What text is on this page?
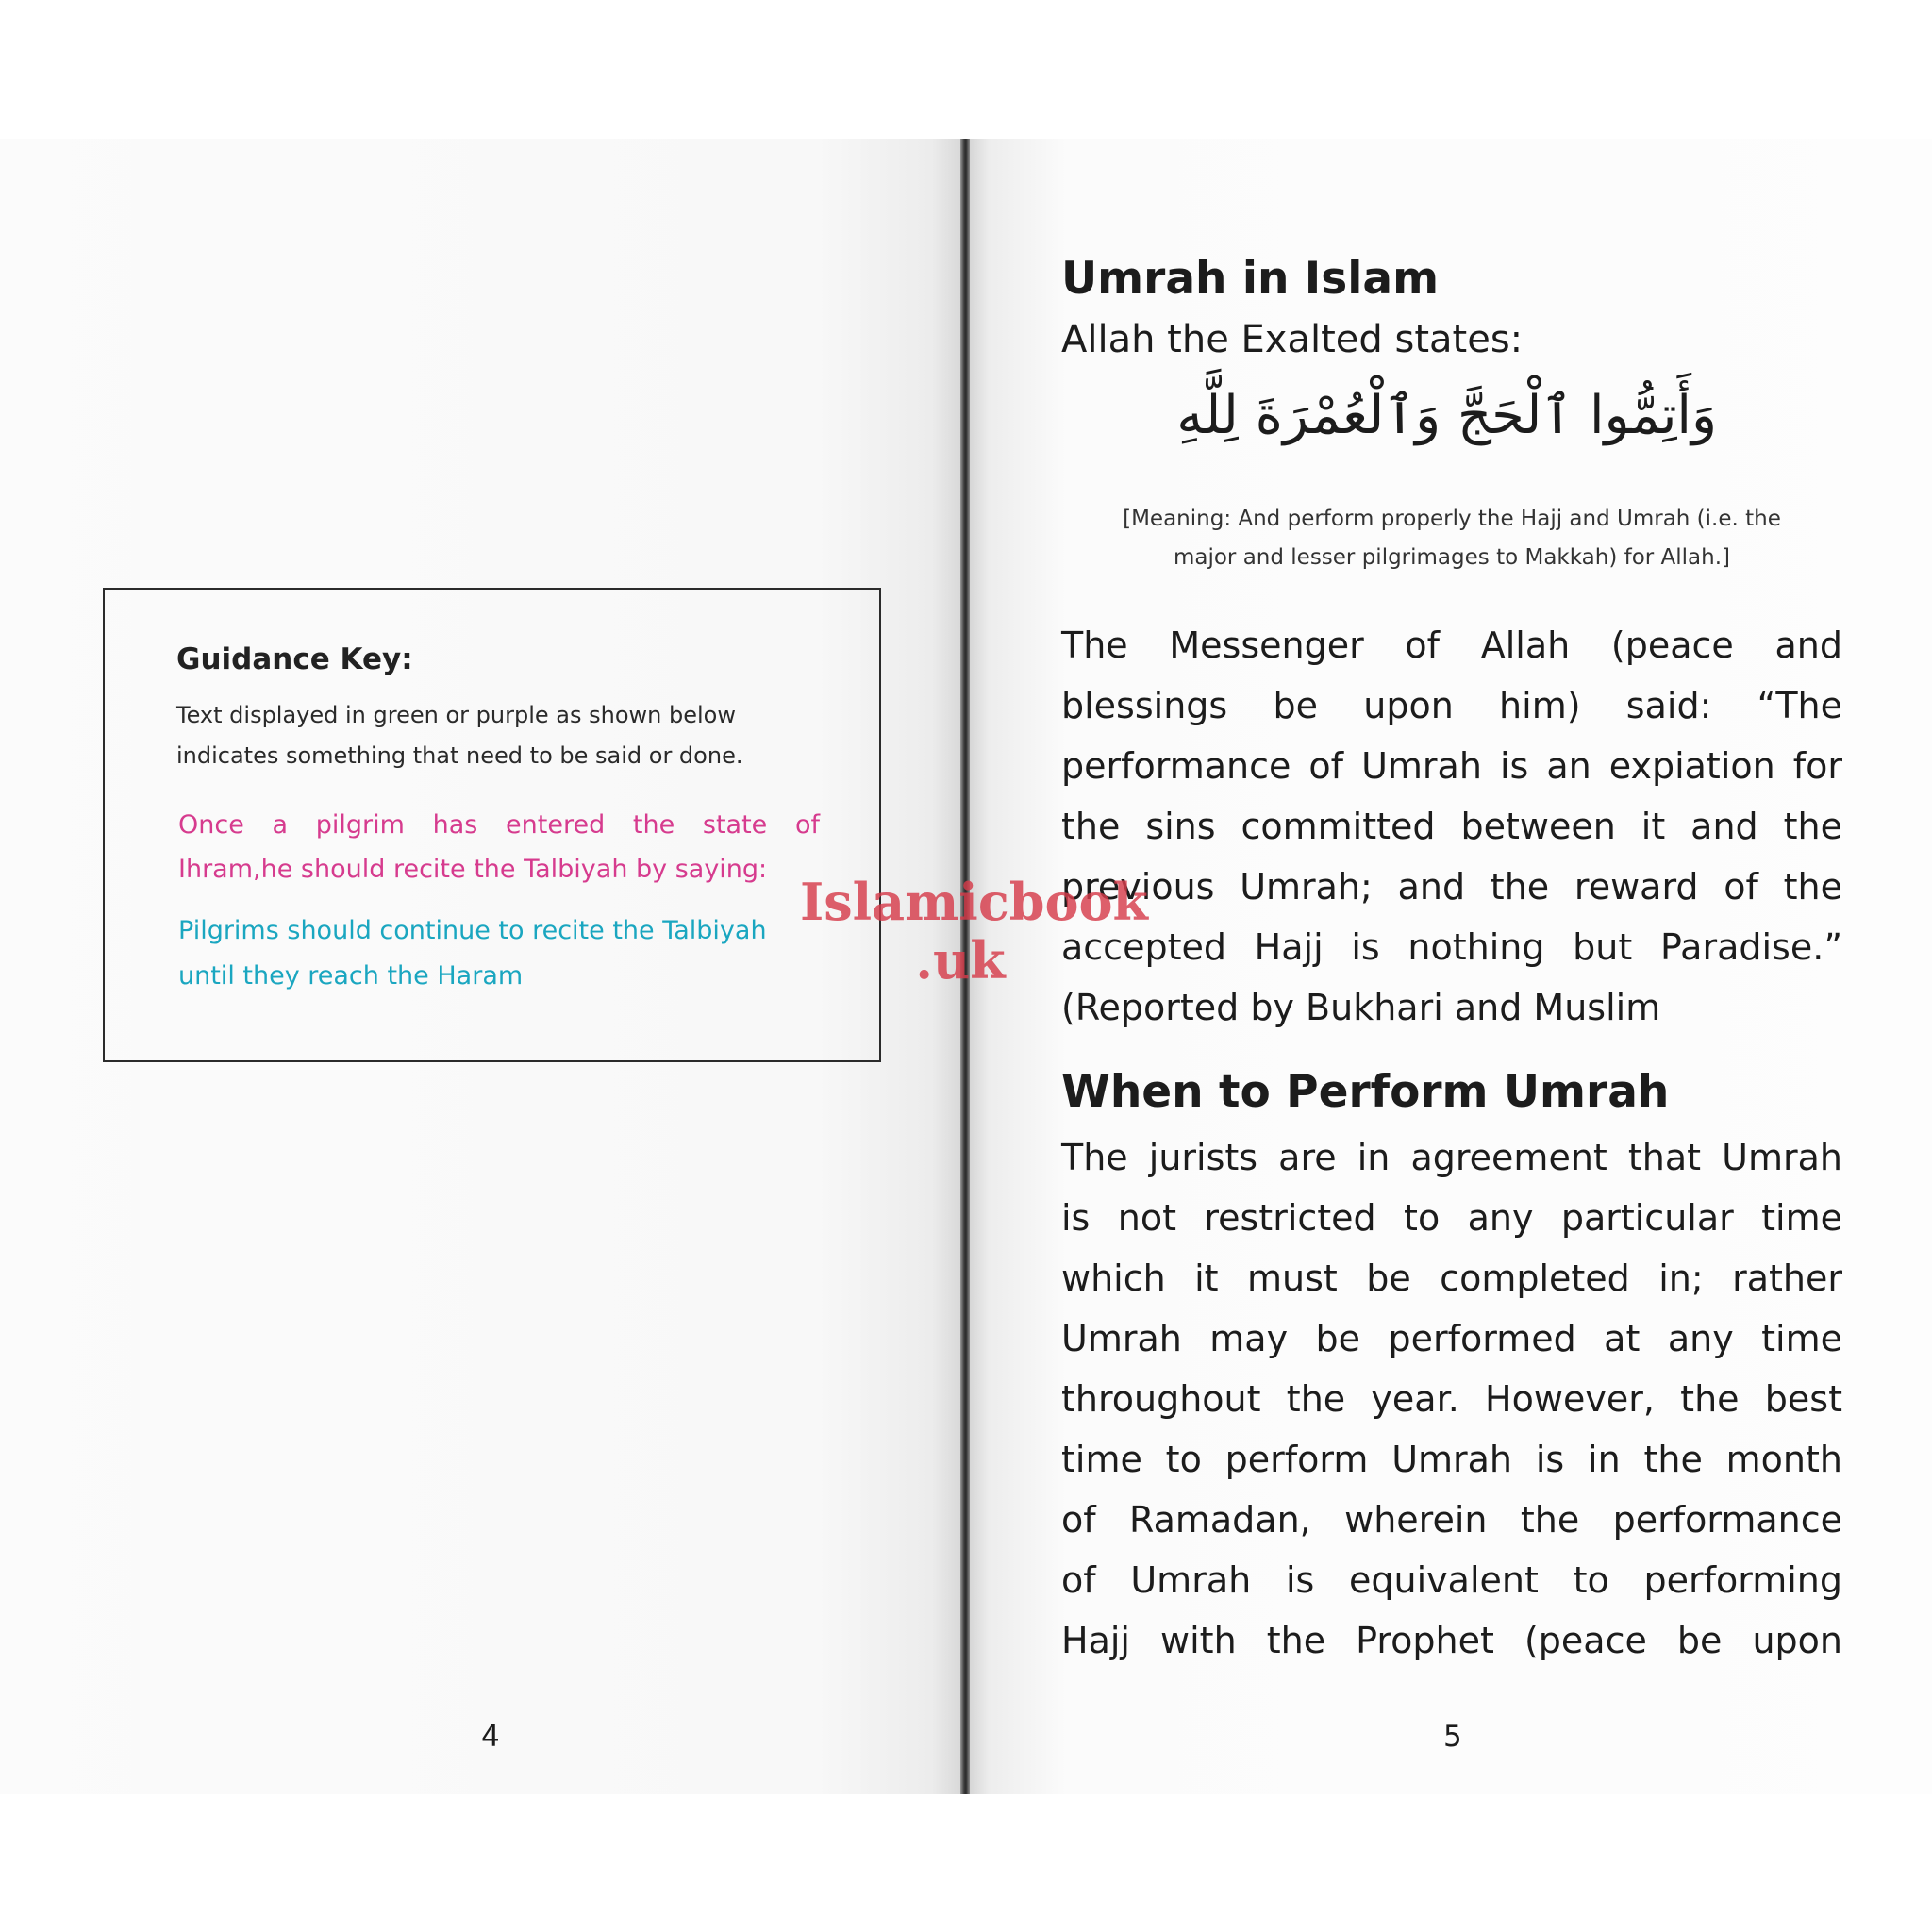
Guidance Key:
Text displayed in green or purple as shown below
indicates something that need to be said or done.
Once a pilgrim has entered the state of
Ihram,he should recite the Talbiyah by saying:
Pilgrims should continue to recite the Talbiyah
until they reach the Haram
4
Umrah in Islam
Allah the Exalted states:
وَأَتِمُّوا ٱلْحَجَّ وَٱلْعُمْرَةَ لِلَّهِ
[Meaning: And perform properly the Hajj and Umrah (i.e. the
major and lesser pilgrimages to Makkah) for Allah.]
The Messenger of Allah (peace and
blessings be upon him) said: “The
performance of Umrah is an expiation for
the sins committed between it and the
previous Umrah; and the reward of the
accepted Hajj is nothing but Paradise.”
(Reported by Bukhari and Muslim
When to Perform Umrah
The jurists are in agreement that Umrah
is not restricted to any particular time
which it must be completed in; rather
Umrah may be performed at any time
throughout the year. However, the best
time to perform Umrah is in the month
of Ramadan, wherein the performance
of Umrah is equivalent to performing
Hajj with the Prophet (peace be upon
5
Islamicbook
.uk
